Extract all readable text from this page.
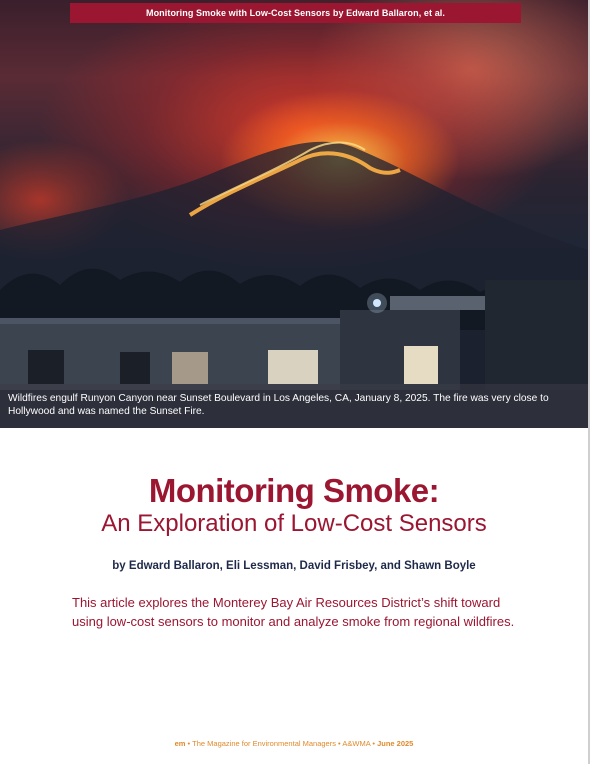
Monitoring Smoke with Low-Cost Sensors by Edward Ballaron, et al.
Wildfires engulf Runyon Canyon near Sunset Boulevard in Los Angeles, CA, January 8, 2025. The fire was very close to Hollywood and was named the Sunset Fire.
Monitoring Smoke:
An Exploration of Low-Cost Sensors
by Edward Ballaron, Eli Lessman, David Frisbey, and Shawn Boyle
This article explores the Monterey Bay Air Resources District’s shift toward using low-cost sensors to monitor and analyze smoke from regional wildfires.
em • The Magazine for Environmental Managers • A&WMA • June 2025
